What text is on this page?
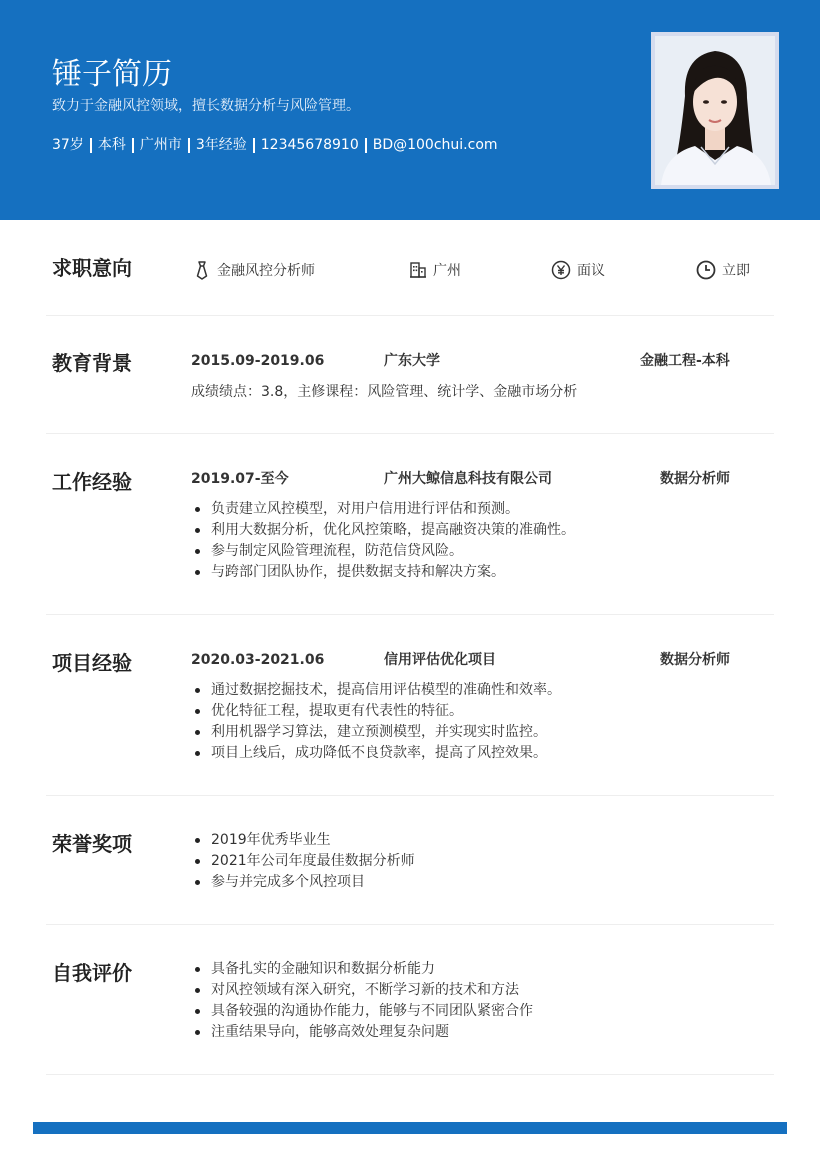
锤子简历
致力于金融风控领域，擅长数据分析与风险管理。
37岁 本科 广州市 3年经验 12345678910 BD@100chui.com
求职意向	金融风控分析师	广州	面议	立即
教育背景	2015.09-2019.06	广东大学	金融工程-本科
成绩绩点：3.8，主修课程：风险管理、统计学、金融市场分析
工作经验	2019.07-至今	广州大鲸信息科技有限公司	数据分析师
负责建立风控模型，对用户信用进行评估和预测。
利用大数据分析，优化风控策略，提高融资决策的准确性。
参与制定风险管理流程，防范信贷风险。
与跨部门团队协作，提供数据支持和解决方案。
项目经验	2020.03-2021.06	信用评估优化项目	数据分析师
通过数据挖掘技术，提高信用评估模型的准确性和效率。
优化特征工程，提取更有代表性的特征。
利用机器学习算法，建立预测模型，并实现实时监控。
项目上线后，成功降低不良贷款率，提高了风控效果。
荣誉奖项	2019年优秀毕业生
2021年公司年度最佳数据分析师
参与并完成多个风控项目
自我评价	具备扎实的金融知识和数据分析能力
对风控领域有深入研究，不断学习新的技术和方法
具备较强的沟通协作能力，能够与不同团队紧密合作
注重结果导向，能够高效处理复杂问题
